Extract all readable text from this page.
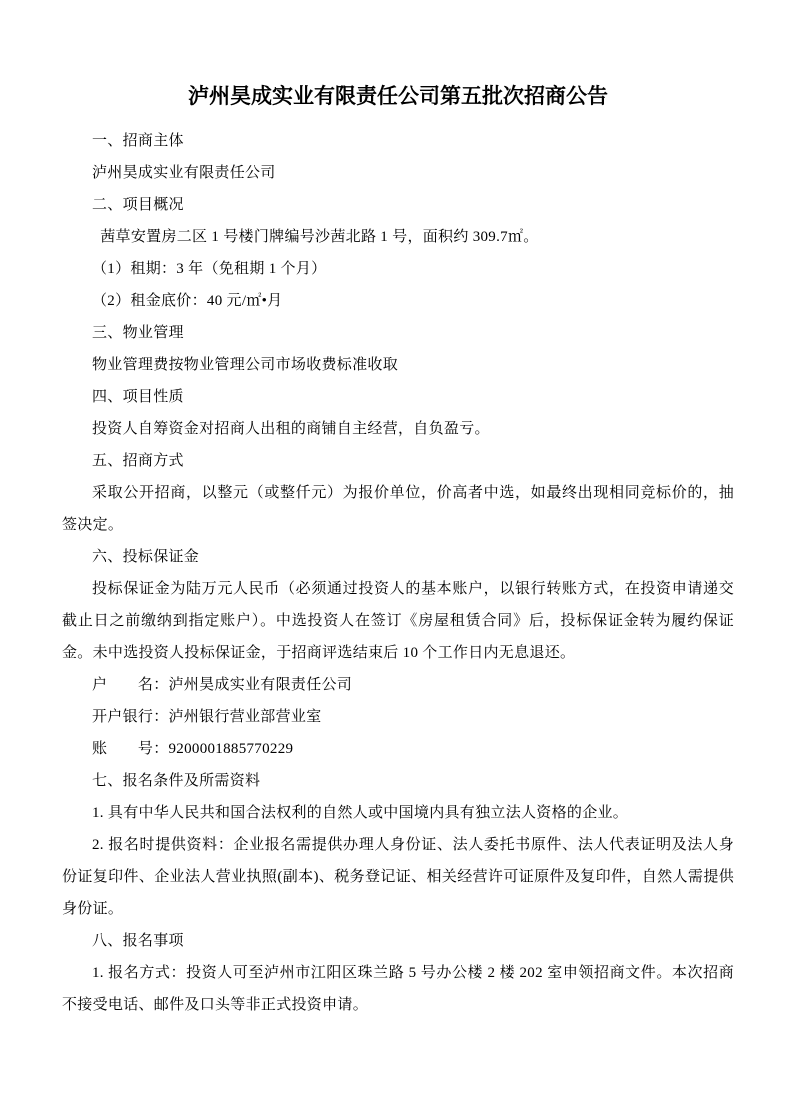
泸州昊成实业有限责任公司第五批次招商公告

一、招商主体

泸州昊成实业有限责任公司

二、项目概况

茜草安置房二区 1 号楼门牌编号沙茜北路 1 号，面积约 309.7㎡。

（1）租期：3 年（免租期 1 个月）

（2）租金底价：40 元/㎡•月

三、物业管理

物业管理费按物业管理公司市场收费标准收取

四、项目性质

投资人自筹资金对招商人出租的商铺自主经营，自负盈亏。

五、招商方式

采取公开招商，以整元（或整仟元）为报价单位，价高者中选，如最终出现相同竞标价的，抽签决定。

六、投标保证金

投标保证金为陆万元人民币（必须通过投资人的基本账户，以银行转账方式，在投资申请递交截止日之前缴纳到指定账户）。中选投资人在签订《房屋租赁合同》后，投标保证金转为履约保证金。未中选投资人投标保证金，于招商评选结束后 10 个工作日内无息退还。

户　　名：泸州昊成实业有限责任公司

开户银行：泸州银行营业部营业室

账　　号：9200001885770229

七、报名条件及所需资料

1. 具有中华人民共和国合法权利的自然人或中国境内具有独立法人资格的企业。

2. 报名时提供资料：企业报名需提供办理人身份证、法人委托书原件、法人代表证明及法人身份证复印件、企业法人营业执照(副本)、税务登记证、相关经营许可证原件及复印件，自然人需提供身份证。

八、报名事项

1. 报名方式：投资人可至泸州市江阳区珠兰路 5 号办公楼 2 楼 202 室申领招商文件。本次招商不接受电话、邮件及口头等非正式投资申请。
